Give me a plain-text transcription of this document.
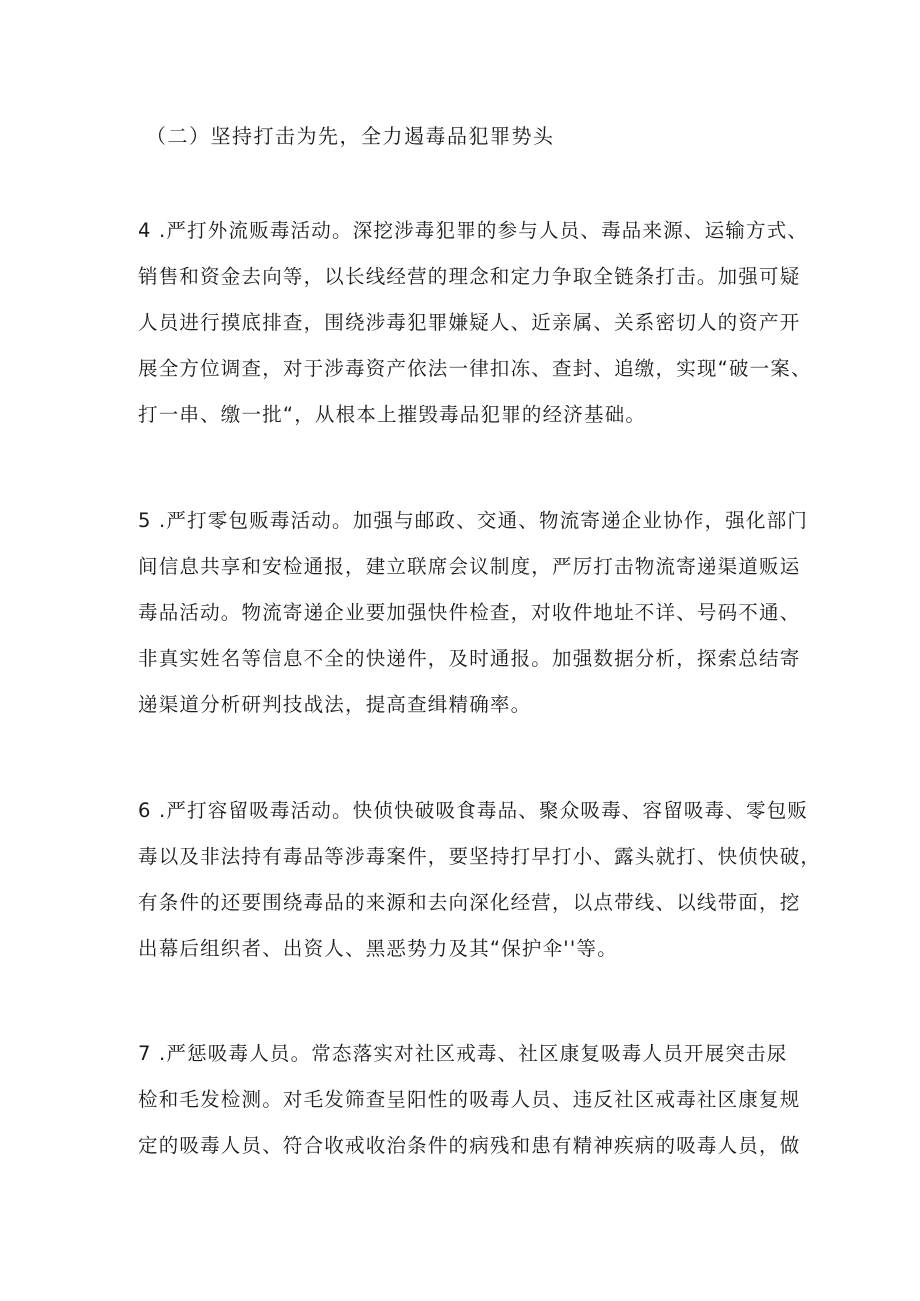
（二）坚持打击为先，全力遏毒品犯罪势头
4 .严打外流贩毒活动。深挖涉毒犯罪的参与人员、毒品来源、运输方式、
销售和资金去向等，以长线经营的理念和定力争取全链条打击。加强可疑
人员进行摸底排查，围绕涉毒犯罪嫌疑人、近亲属、关系密切人的资产开
展全方位调查，对于涉毒资产依法一律扣冻、查封、追缴，实现“破一案、
打一串、缴一批“，从根本上摧毁毒品犯罪的经济基础。
5 .严打零包贩毒活动。加强与邮政、交通、物流寄递企业协作，强化部门
间信息共享和安检通报，建立联席会议制度，严厉打击物流寄递渠道贩运
毒品活动。物流寄递企业要加强快件检查，对收件地址不详、号码不通、
非真实姓名等信息不全的快递件，及时通报。加强数据分析，探索总结寄
递渠道分析研判技战法，提高查缉精确率。
6 .严打容留吸毒活动。快侦快破吸食毒品、聚众吸毒、容留吸毒、零包贩
毒以及非法持有毒品等涉毒案件，要坚持打早打小、露头就打、快侦快破，
有条件的还要围绕毒品的来源和去向深化经营，以点带线、以线带面，挖
出幕后组织者、出资人、黑恶势力及其“保护伞''等。
7 .严惩吸毒人员。常态落实对社区戒毒、社区康复吸毒人员开展突击尿
检和毛发检测。对毛发筛查呈阳性的吸毒人员、违反社区戒毒社区康复规
定的吸毒人员、符合收戒收治条件的病残和患有精神疾病的吸毒人员，做
